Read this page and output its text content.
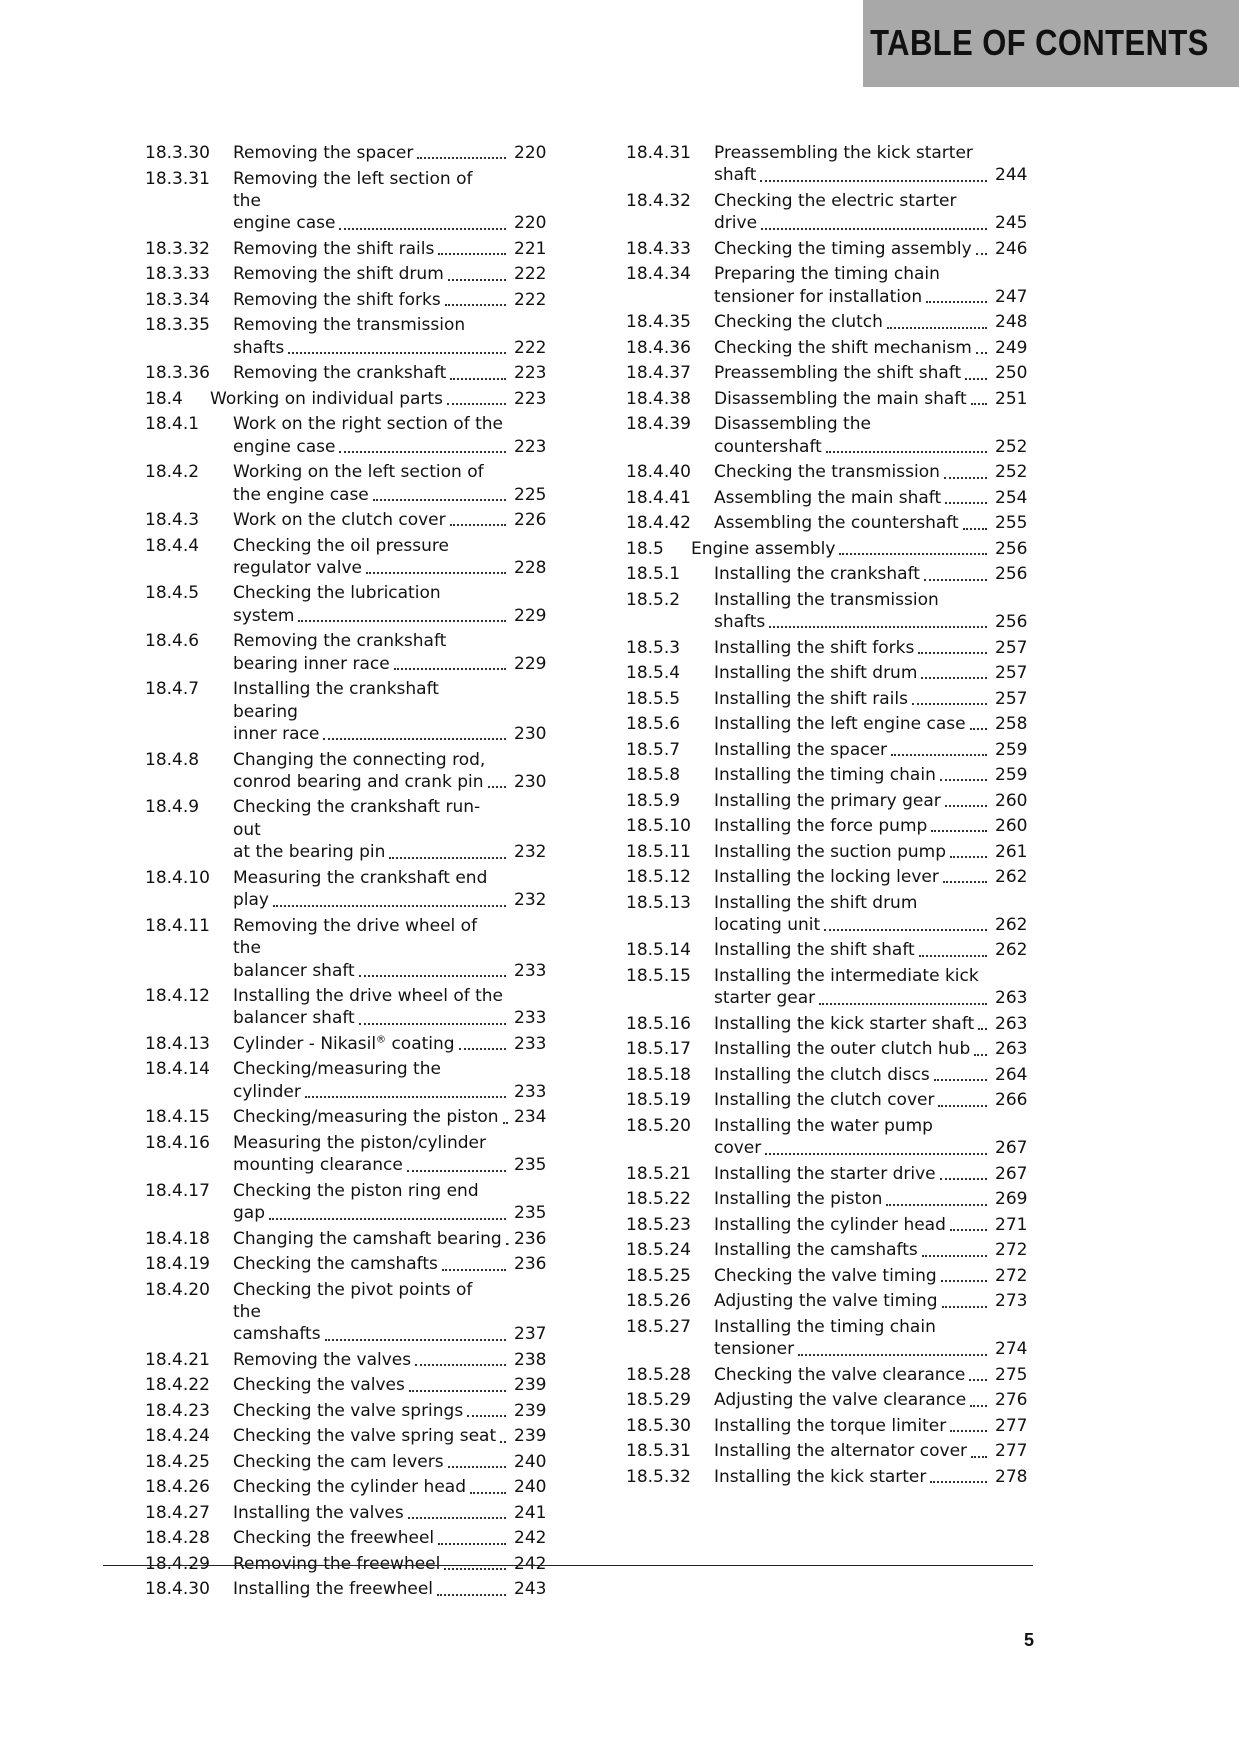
TABLE OF CONTENTS
18.3.30 Removing the spacer	220
18.3.31 Removing the left section of the
engine case	220
18.3.32 Removing the shift rails	221
18.3.33 Removing the shift drum	222
18.3.34 Removing the shift forks	222
18.3.35 Removing the transmission
shafts	222
18.3.36 Removing the crankshaft	223
18.4 Working on individual parts	223
18.4.1 Work on the right section of the
engine case	223
18.4.2 Working on the left section of
the engine case	225
18.4.3 Work on the clutch cover	226
18.4.4 Checking the oil pressure
regulator valve	228
18.4.5 Checking the lubrication
system	229
18.4.6 Removing the crankshaft
bearing inner race	229
18.4.7 Installing the crankshaft bearing
inner race	230
18.4.8 Changing the connecting rod,
conrod bearing and crank pin	230
18.4.9 Checking the crankshaft run-out
at the bearing pin	232
18.4.10 Measuring the crankshaft end
play	232
18.4.11 Removing the drive wheel of the
balancer shaft	233
18.4.12 Installing the drive wheel of the
balancer shaft	233
18.4.13 Cylinder - Nikasil® coating	233
18.4.14 Checking/measuring the
cylinder	233
18.4.15 Checking/measuring the piston 234
18.4.16 Measuring the piston/cylinder
mounting clearance	235
18.4.17 Checking the piston ring end
gap	235
18.4.18 Changing the camshaft bearing 236
18.4.19 Checking the camshafts	236
18.4.20 Checking the pivot points of the
camshafts	237
18.4.21 Removing the valves	238
18.4.22 Checking the valves	239
18.4.23 Checking the valve springs	239
18.4.24 Checking the valve spring seat	239
18.4.25 Checking the cam levers	240
18.4.26 Checking the cylinder head	240
18.4.27 Installing the valves	241
18.4.28 Checking the freewheel	242
18.4.29 Removing the freewheel	242
18.4.30 Installing the freewheel	243
18.4.31 Preassembling the kick starter
shaft	244
18.4.32 Checking the electric starter
drive	245
18.4.33 Checking the timing assembly	246
18.4.34 Preparing the timing chain
tensioner for installation	247
18.4.35 Checking the clutch	248
18.4.36 Checking the shift mechanism	249
18.4.37 Preassembling the shift shaft	250
18.4.38 Disassembling the main shaft	251
18.4.39 Disassembling the
countershaft	252
18.4.40 Checking the transmission	252
18.4.41 Assembling the main shaft	254
18.4.42 Assembling the countershaft	255
18.5 Engine assembly	256
18.5.1 Installing the crankshaft	256
18.5.2 Installing the transmission
shafts	256
18.5.3 Installing the shift forks	257
18.5.4 Installing the shift drum	257
18.5.5 Installing the shift rails	257
18.5.6 Installing the left engine case	258
18.5.7 Installing the spacer	259
18.5.8 Installing the timing chain	259
18.5.9 Installing the primary gear	260
18.5.10 Installing the force pump	260
18.5.11 Installing the suction pump	261
18.5.12 Installing the locking lever	262
18.5.13 Installing the shift drum
locating unit	262
18.5.14 Installing the shift shaft	262
18.5.15 Installing the intermediate kick
starter gear	263
18.5.16 Installing the kick starter shaft	263
18.5.17 Installing the outer clutch hub	263
18.5.18 Installing the clutch discs	264
18.5.19 Installing the clutch cover	266
18.5.20 Installing the water pump
cover	267
18.5.21 Installing the starter drive	267
18.5.22 Installing the piston	269
18.5.23 Installing the cylinder head	271
18.5.24 Installing the camshafts	272
18.5.25 Checking the valve timing	272
18.5.26 Adjusting the valve timing	273
18.5.27 Installing the timing chain
tensioner	274
18.5.28 Checking the valve clearance	275
18.5.29 Adjusting the valve clearance	276
18.5.30 Installing the torque limiter	277
18.5.31 Installing the alternator cover	277
18.5.32 Installing the kick starter	278
5
